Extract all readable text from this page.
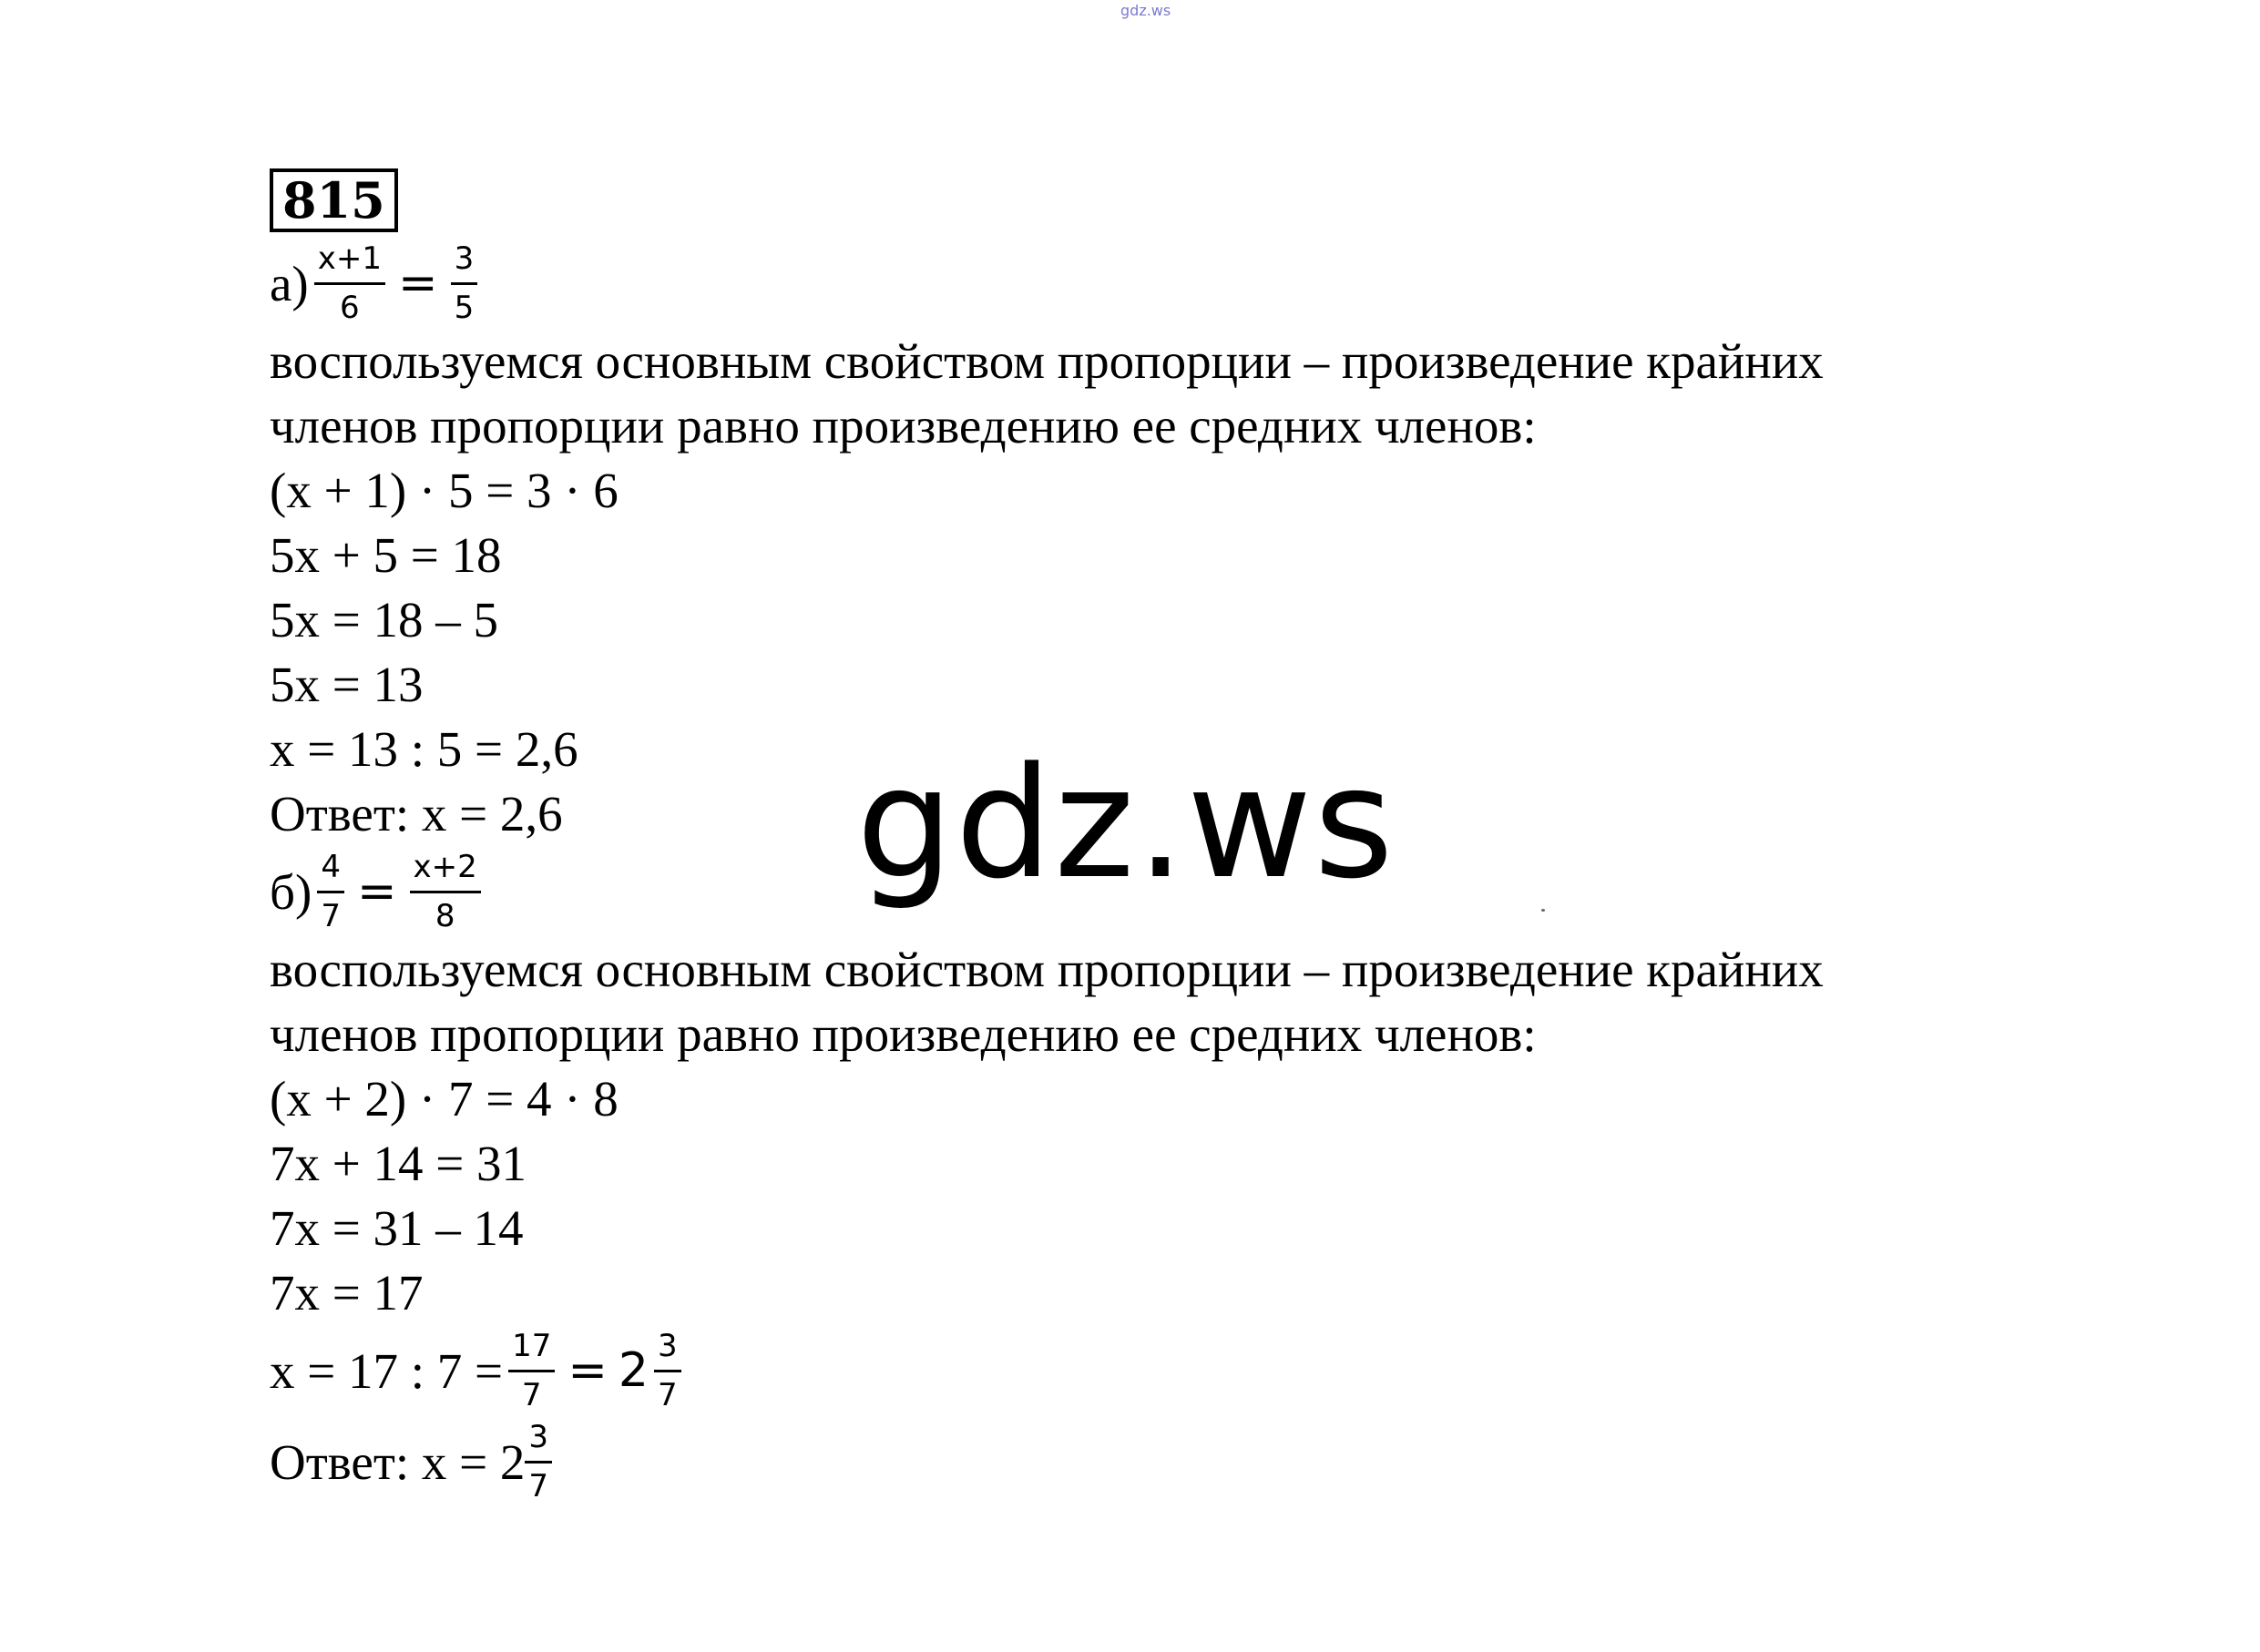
gdz.ws
gdz.ws
815
$а) \frac{x+1}{6} = \frac{3}{5}$
воспользуемся основным свойством пропорции – произведение крайних
членов пропорции равно произведению ее средних членов:
(x + 1) · 5 = 3 · 6
5x + 5 = 18
5x = 18 – 5
5x = 13
x = 13 : 5 = 2,6
Ответ: x = 2,6
$б) \frac{4}{7} = \frac{x+2}{8}$
воспользуемся основным свойством пропорции – произведение крайних
членов пропорции равно произведению ее средних членов:
(x + 2) · 7 = 4 · 8
7x + 14 = 31
7x = 31 – 14
7x = 17
x = 17 : $7 = \frac{17}{7} = 2 \frac{3}{7}$
Ответ: $x = 2 \frac{3}{7}$
